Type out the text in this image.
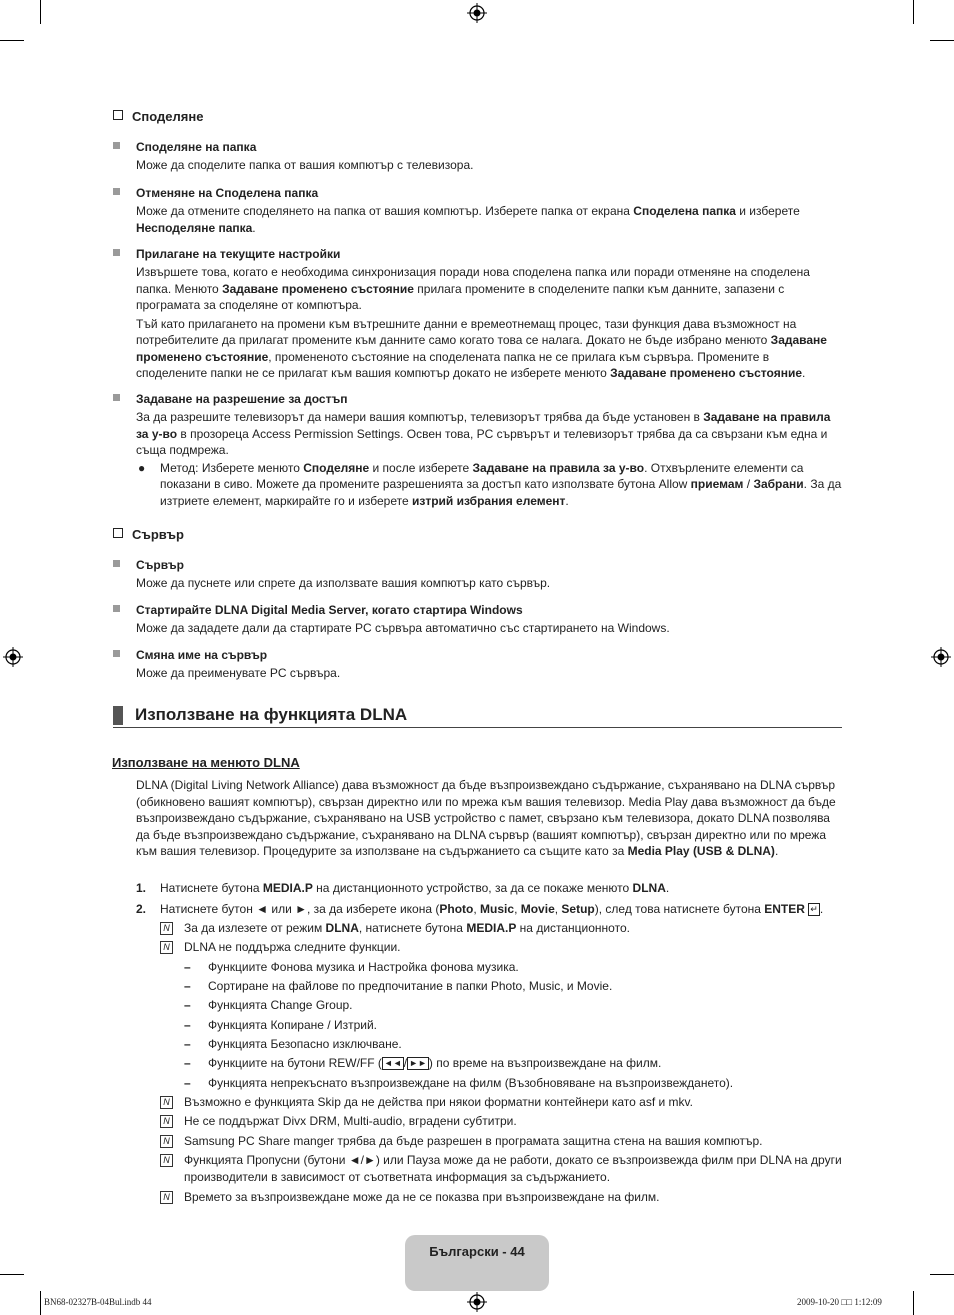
Споделяне
Споделяне на папка

Може да споделите папка от вашия компютър с телевизора.

Отменяне на Споделена папка

Може да отмените споделянето на папка от вашия компютър. Изберете папка от екрана Споделена папка и изберете Несподеляне папка.

Прилагане на текущите настройки

Извършете това, когато е необходима синхронизация поради нова споделена папка или поради отменяне на споделена папка. Менюто Задаване променено състояние прилага промените в споделените папки към данните, запазени с програмата за споделяне от компютъра.

Тъй като прилагането на промени към вътрешните данни е времеотнемащ процес, тази функция дава възможност на потребителите да прилагат промените към данните само когато това се налага. Докато не бъде избрано менюто Задаване променено състояние, промененото състояние на споделената папка не се прилага към сървъра. Промените в споделените папки не се прилагат към вашия компютър докато не изберете менюто Задаване променено състояние.

Задаване на разрешение за достъп

За да разрешите телевизорът да намери вашия компютър, телевизорът трябва да бъде установен в Задаване на правила за у-во в прозореца Access Permission Settings. Освен това, PC сървърът и телевизорът трябва да са свързани към една и съща подмрежа.

● Метод: Изберете менюто Споделяне и после изберете Задаване на правила за у-во. Отхвърлените елементи са показани в сиво. Можете да промените разрешенията за достъп като използвате бутона Allow приемам / Забрани. За да изтриете елемент, маркирайте го и изберете изтрий избрания елемент.
Сървър
Сървър

Може да пуснете или спрете да използвате вашия компютър като сървър.

Стартирайте DLNA Digital Media Server, когато стартира Windows

Може да зададете дали да стартирате PC сървъра автоматично със стартирането на Windows.

Смяна име на сървър

Може да преименувате PC сървъра.

Използване на функцията DLNA
Използване на менюто DLNA
DLNA (Digital Living Network Alliance) дава възможност да бъде възпроизвеждано съдържание, съхранявано на DLNA сървър (обикновено вашият компютър), свързан директно или по мрежа към вашия телевизор. Media Play дава възможност да бъде възпроизвеждано съдържание, съхранявано на USB устройство с памет, свързано към телевизора, докато DLNA позволява да бъде възпроизвеждано съдържание, съхранявано на DLNA сървър (вашият компютър), свързан директно или по мрежа към вашия телевизор. Процедурите за използване на съдържанието са същите като за Media Play (USB & DLNA).
1. Натиснете бутона MEDIA.P на дистанционното устройство, за да се покаже менюто DLNA.
2. Натиснете бутон ◄ или ►, за да изберете икона (Photo, Music, Movie, Setup), след това натиснете бутона ENTER ↵ .
N За да излезете от режим DLNA, натиснете бутона MEDIA.P на дистанционното.
N DLNA не поддържа следните функции.
– Функциите Фонова музика и Настройка фонова музика.
– Сортиране на файлове по предпочитание в папки Photo, Music, и Movie.
– Функцията Change Group.
– Функцията Копиране / Изтрий.
– Функцията Безопасно изключване.
– Функциите на бутони REW/FF ( ◄◄ / ►► ) по време на възпроизвеждане на филм.
– Функцията непрекъснато възпроизвеждане на филм (Възобновяване на възпроизвеждането).
N Възможно е функцията Skip да не действа при някои форматни контейнери като asf и mkv.
N Не се поддържат Divx DRM, Multi-audio, вградени субтитри.
N Samsung PC Share manger трябва да бъде разрешен в програмата защитна стена на вашия компютър.
N Функцията Пропусни (бутони ◄/►) или Пауза може да не работи, докато се възпроизвежда филм при DLNA на други производители в зависимост от съответната информация за съдържанието.
N Времето за възпроизвеждане може да не се показва при възпроизвеждане на филм.
Български - 44
BN68-02327B-04Bul.indb 44	2009-10-20 □□ 1:12:09
